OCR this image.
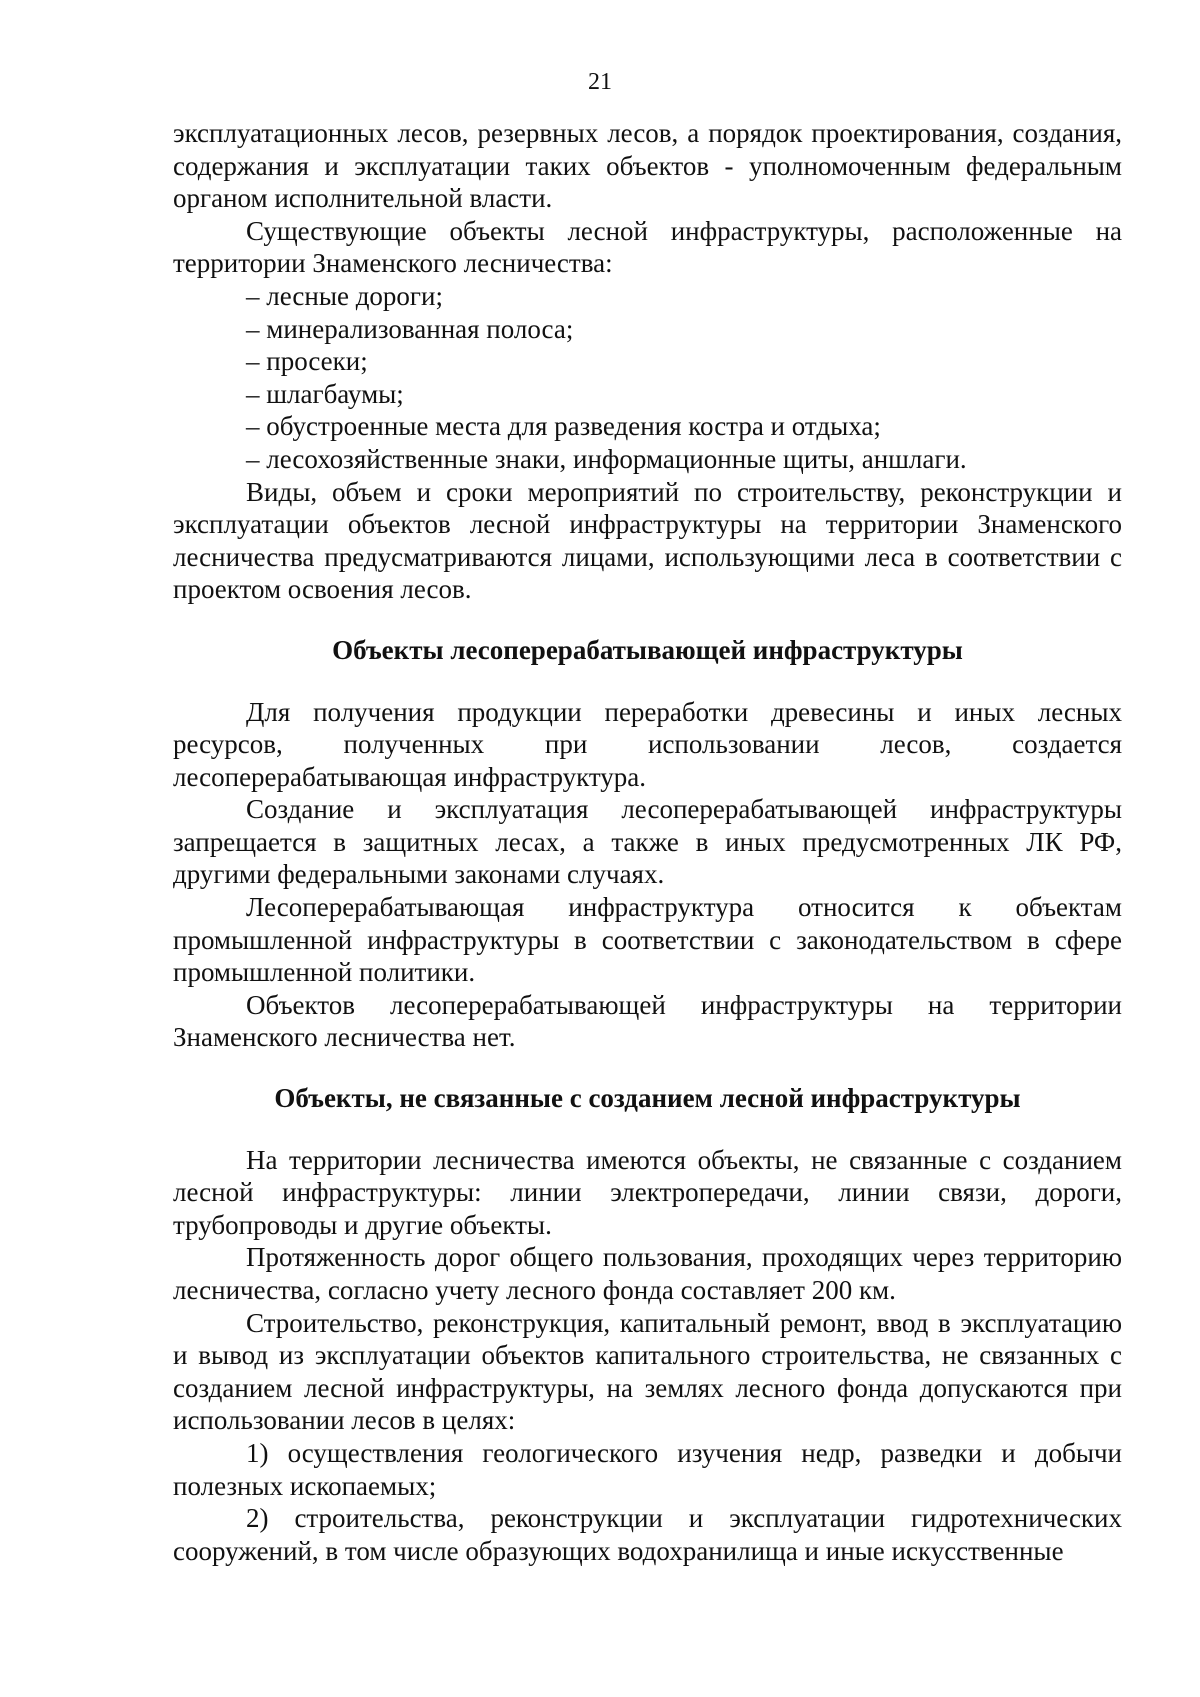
21

эксплуатационных лесов, резервных лесов, а порядок проектирования, создания, содержания и эксплуатации таких объектов - уполномоченным федеральным органом исполнительной власти.

Существующие объекты лесной инфраструктуры, расположенные на территории Знаменского лесничества:

– лесные дороги;
– минерализованная полоса;
– просеки;
– шлагбаумы;
– обустроенные места для разведения костра и отдыха;
– лесохозяйственные знаки, информационные щиты, аншлаги.

Виды, объем и сроки мероприятий по строительству, реконструкции и эксплуатации объектов лесной инфраструктуры на территории Знаменского лесничества предусматриваются лицами, использующими леса в соответствии с проектом освоения лесов.

Объекты лесоперерабатывающей инфраструктуры

Для получения продукции переработки древесины и иных лесных ресурсов, полученных при использовании лесов, создается лесоперерабатывающая инфраструктура.

Создание и эксплуатация лесоперерабатывающей инфраструктуры запрещается в защитных лесах, а также в иных предусмотренных ЛК РФ, другими федеральными законами случаях.

Лесоперерабатывающая инфраструктура относится к объектам промышленной инфраструктуры в соответствии с законодательством в сфере промышленной политики.

Объектов лесоперерабатывающей инфраструктуры на территории Знаменского лесничества нет.

Объекты, не связанные с созданием лесной инфраструктуры

На территории лесничества имеются объекты, не связанные с созданием лесной инфраструктуры: линии электропередачи, линии связи, дороги, трубопроводы и другие объекты.

Протяженность дорог общего пользования, проходящих через территорию лесничества, согласно учету лесного фонда составляет 200 км.

Строительство, реконструкция, капитальный ремонт, ввод в эксплуатацию и вывод из эксплуатации объектов капитального строительства, не связанных с созданием лесной инфраструктуры, на землях лесного фонда допускаются при использовании лесов в целях:

1) осуществления геологического изучения недр, разведки и добычи полезных ископаемых;

2) строительства, реконструкции и эксплуатации гидротехнических сооружений, в том числе образующих водохранилища и иные искусственные
